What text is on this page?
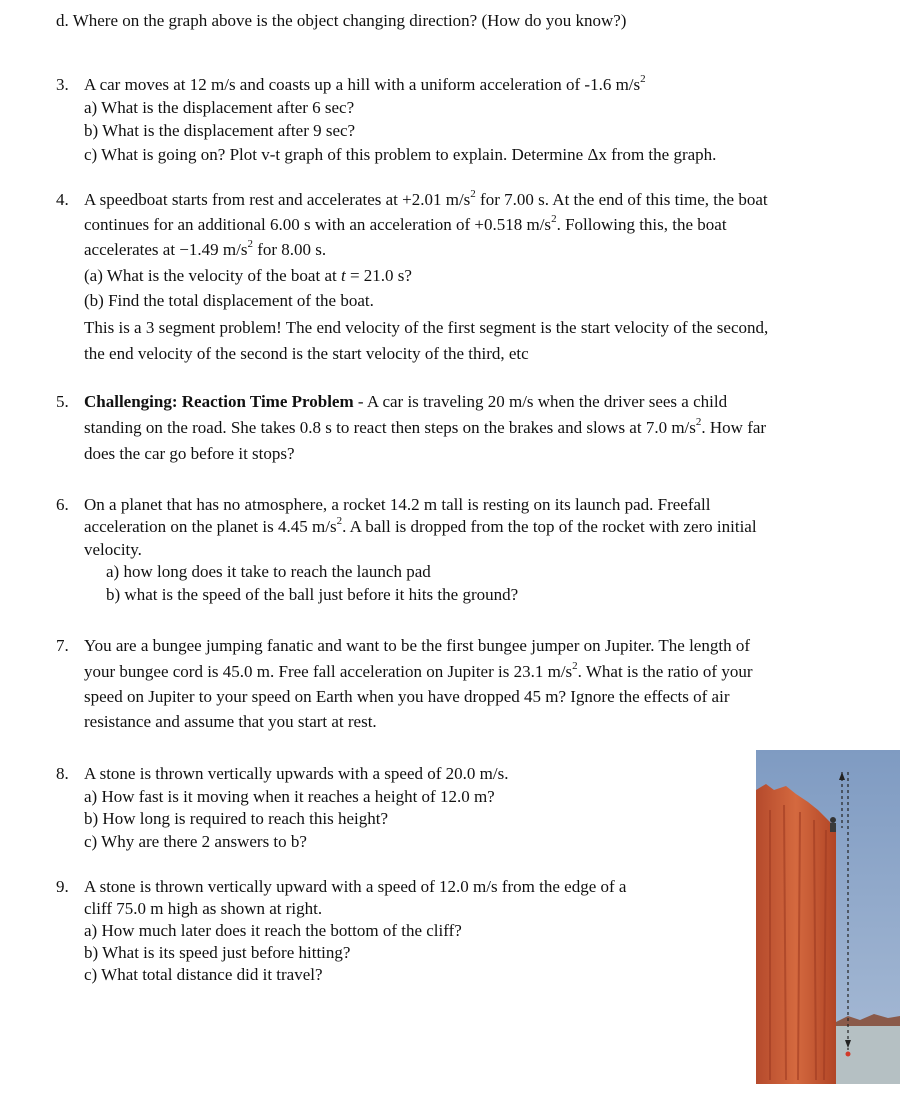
d. Where on the graph above is the object changing direction? (How do you know?)
3. A car moves at 12 m/s and coasts up a hill with a uniform acceleration of -1.6 $m/s^2$
a) What is the displacement after 6 sec?
b) What is the displacement after 9 sec?
c) What is going on? Plot v-t graph of this problem to explain. Determine Δx from the graph.
4. A speedboat starts from rest and accelerates at +2.01 $m/s^2$ for 7.00 s. At the end of this time, the boat
continues for an additional 6.00 s with an acceleration of +0.518 $m/s^2$. Following this, the boat
accelerates at −1.49 $m/s^2$ for 8.00 s.
(a) What is the velocity of the boat at t = 21.0 s?
(b) Find the total displacement of the boat.
This is a 3 segment problem! The end velocity of the first segment is the start velocity of the second,
the end velocity of the second is the start velocity of the third, etc
5. Challenging: Reaction Time Problem - A car is traveling 20 m/s when the driver sees a child
standing on the road. She takes 0.8 s to react then steps on the brakes and slows at 7.0 $m/s^2$. How far
does the car go before it stops?
6. On a planet that has no atmosphere, a rocket 14.2 m tall is resting on its launch pad. Freefall
acceleration on the planet is 4.45 $m/s^2$. A ball is dropped from the top of the rocket with zero initial
velocity.
a) how long does it take to reach the launch pad
b) what is the speed of the ball just before it hits the ground?
7. You are a bungee jumping fanatic and want to be the first bungee jumper on Jupiter. The length of
your bungee cord is 45.0 m. Free fall acceleration on Jupiter is 23.1 $m/s^2$. What is the ratio of your
speed on Jupiter to your speed on Earth when you have dropped 45 m? Ignore the effects of air
resistance and assume that you start at rest.
8. A stone is thrown vertically upwards with a speed of 20.0 m/s.
a) How fast is it moving when it reaches a height of 12.0 m?
b) How long is required to reach this height?
c) Why are there 2 answers to b?
9. A stone is thrown vertically upward with a speed of 12.0 m/s from the edge of a
cliff 75.0 m high as shown at right.
a) How much later does it reach the bottom of the cliff?
b) What is its speed just before hitting?
c) What total distance did it travel?
